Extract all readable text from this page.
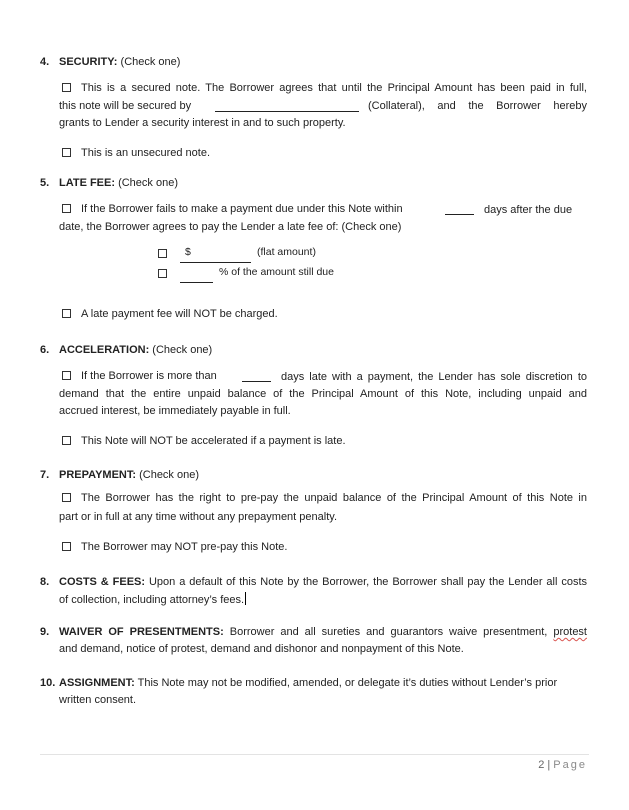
4. SECURITY: (Check one)
This is a secured note. The Borrower agrees that until the Principal Amount has been paid in full,
this note will be secured by	(Collateral), and the Borrower hereby
grants to Lender a security interest in and to such property.
This is an unsecured note.
5. LATE FEE: (Check one)
If the Borrower fails to make a payment due under this Note within	days after the due
date, the Borrower agrees to pay the Lender a late fee of: (Check one)
$	(flat amount)
% of the amount still due
A late payment fee will NOT be charged.
6. ACCELERATION: (Check one)
If the Borrower is more than	days late with a payment, the Lender has sole discretion to
demand that the entire unpaid balance of the Principal Amount of this Note, including unpaid and
accrued interest, be immediately payable in full.
This Note will NOT be accelerated if a payment is late.
7. PREPAYMENT: (Check one)
The Borrower has the right to pre-pay the unpaid balance of the Principal Amount of this Note in
part or in full at any time without any prepayment penalty.
The Borrower may NOT pre-pay this Note.
8. COSTS & FEES: Upon a default of this Note by the Borrower, the Borrower shall pay the Lender all costs
of collection, including attorney’s fees.
9. WAIVER OF PRESENTMENTS: Borrower and all sureties and guarantors waive presentment, protest
and demand, notice of protest, demand and dishonor and nonpayment of this Note.
10. ASSIGNMENT: This Note may not be modified, amended, or delegate it’s duties without Lender’s prior
written consent.
2 | Page
